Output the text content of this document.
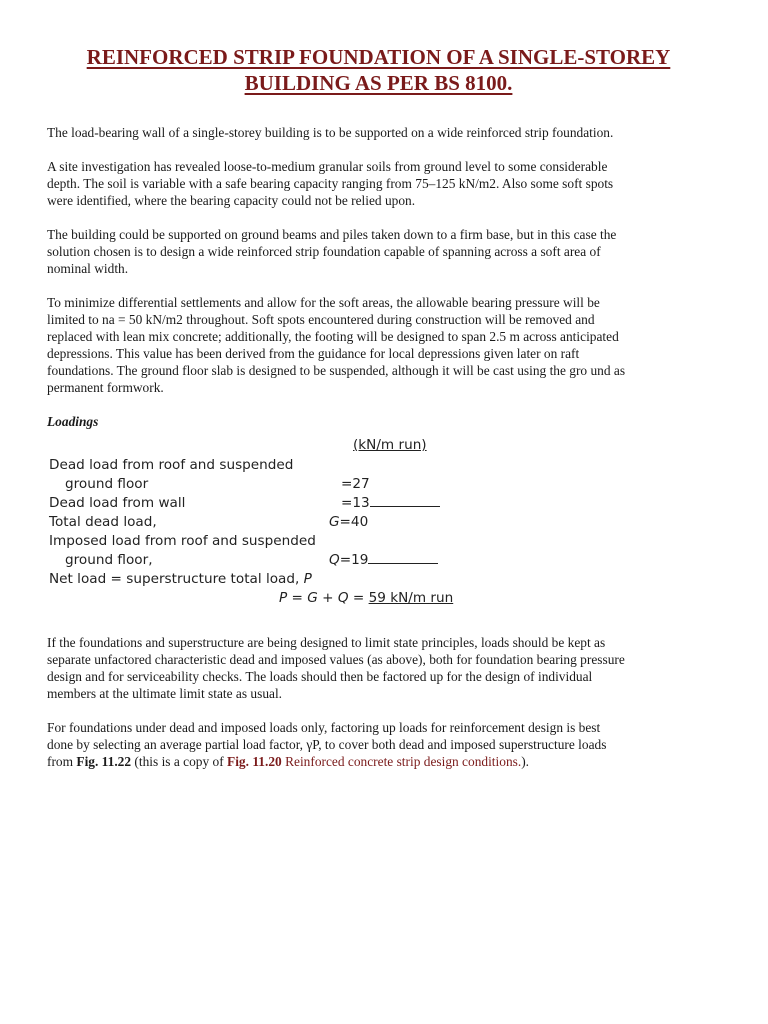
REINFORCED STRIP FOUNDATION OF A SINGLE-STOREY
BUILDING AS PER BS 8100.

The load-bearing wall of a single-storey building is to be supported on a wide reinforced strip foundation.

A site investigation has revealed loose-to-medium granular soils from ground level to some considerable
depth. The soil is variable with a safe bearing capacity ranging from 75–125 kN/m2. Also some soft spots
were identified, where the bearing capacity could not be relied upon.

The building could be supported on ground beams and piles taken down to a firm base, but in this case the
solution chosen is to design a wide reinforced strip foundation capable of spanning across a soft area of
nominal width.

To minimize differential settlements and allow for the soft areas, the allowable bearing pressure will be
limited to na = 50 kN/m2 throughout. Soft spots encountered during construction will be removed and
replaced with lean mix concrete; additionally, the footing will be designed to span 2.5 m across anticipated
depressions. This value has been derived from the guidance for local depressions given later on raft
foundations. The ground floor slab is designed to be suspended, although it will be cast using the gro und as
permanent formwork.

Loadings

(kN/m run)
Dead load from roof and suspended
ground floor	=27
Dead load from wall	=13
Total dead load,	G=40
Imposed load from roof and suspended
ground floor,	Q=19
Net load = superstructure total load, P
P = G + Q = 59 kN/m run

If the foundations and superstructure are being designed to limit state principles, loads should be kept as
separate unfactored characteristic dead and imposed values (as above), both for foundation bearing pressure
design and for serviceability checks. The loads should then be factored up for the design of individual
members at the ultimate limit state as usual.

For foundations under dead and imposed loads only, factoring up loads for reinforcement design is best
done by selecting an average partial load factor, γP, to cover both dead and imposed superstructure loads
from Fig. 11.22 (this is a copy of Fig. 11.20 Reinforced concrete strip design conditions.).
